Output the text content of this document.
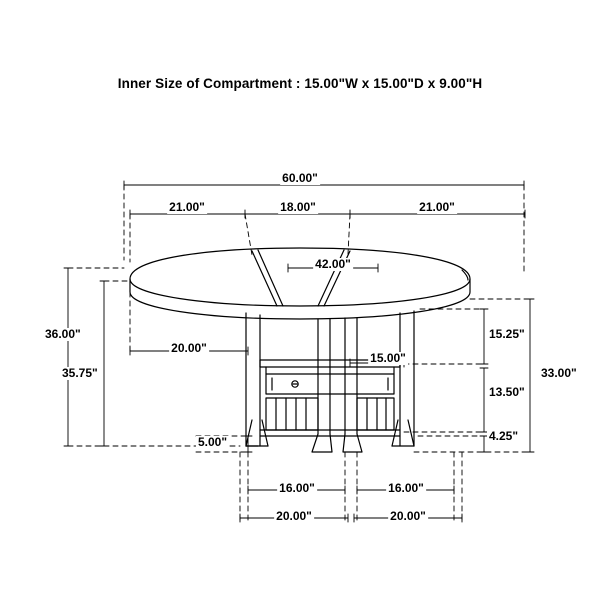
Inner Size of Compartment : 15.00"W x 15.00"D x 9.00"H
60.00"
21.00"	18.00"	21.00"
42.00"
36.00"
35.75"
20.00"
15.00"
15.25"
13.50"
4.25"
33.00"
5.00"
16.00"	16.00"
20.00"	20.00"
